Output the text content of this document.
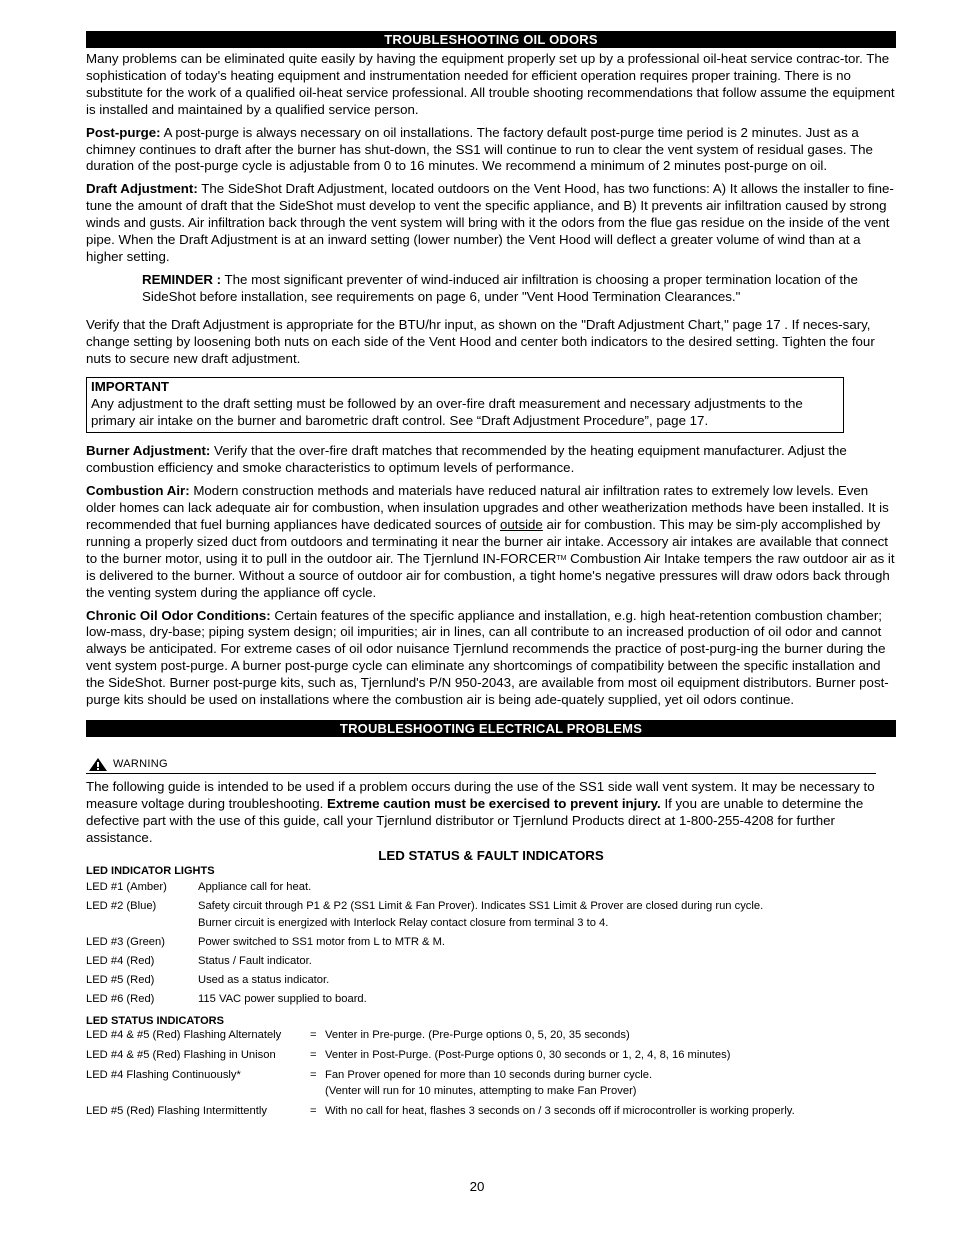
TROUBLESHOOTING OIL ODORS

Many problems can be eliminated quite easily by having the equipment properly set up by a professional oil-heat service contrac-tor. The sophistication of today's heating equipment and instrumentation needed for efficient operation requires proper training. There is no substitute for the work of a qualified oil-heat service professional. All trouble shooting recommendations that follow assume the equipment is installed and maintained by a qualified service person.

Post-purge: A post-purge is always necessary on oil installations. The factory default post-purge time period is 2 minutes. Just as a chimney continues to draft after the burner has shut-down, the SS1 will continue to run to clear the vent system of residual gases. The duration of the post-purge cycle is adjustable from 0 to 16 minutes. We recommend a minimum of 2 minutes post-purge on oil.

Draft Adjustment: The SideShot Draft Adjustment, located outdoors on the Vent Hood, has two functions: A) It allows the installer to fine-tune the amount of draft that the SideShot must develop to vent the specific appliance, and B) It prevents air infiltration caused by strong winds and gusts. Air infiltration back through the vent system will bring with it the odors from the flue gas residue on the inside of the vent pipe. When the Draft Adjustment is at an inward setting (lower number) the Vent Hood will deflect a greater volume of wind than at a higher setting.

REMINDER : The most significant preventer of wind-induced air infiltration is choosing a proper termination location of the SideShot before installation, see requirements on page 6, under "Vent Hood Termination Clearances."

Verify that the Draft Adjustment is appropriate for the BTU/hr input, as shown on the "Draft Adjustment Chart," page 17 . If neces-sary, change setting by loosening both nuts on each side of the Vent Hood and center both indicators to the desired setting. Tighten the four nuts to secure new draft adjustment.

IMPORTANT

Any adjustment to the draft setting must be followed by an over-fire draft measurement and necessary adjustments to the primary air intake on the burner and barometric draft control. See “Draft Adjustment Procedure”, page 17.

Burner Adjustment: Verify that the over-fire draft matches that recommended by the heating equipment manufacturer. Adjust the combustion efficiency and smoke characteristics to optimum levels of performance.

Combustion Air: Modern construction methods and materials have reduced natural air infiltration rates to extremely low levels. Even older homes can lack adequate air for combustion, when insulation upgrades and other weatherization methods have been installed. It is recommended that fuel burning appliances have dedicated sources of outside air for combustion. This may be sim-ply accomplished by running a properly sized duct from outdoors and terminating it near the burner air intake. Accessory air intakes are available that connect to the burner motor, using it to pull in the outdoor air. The Tjernlund IN-FORCER™ Combustion Air Intake tempers the raw outdoor air as it is delivered to the burner. Without a source of outdoor air for combustion, a tight home's negative pressures will draw odors back through the venting system during the appliance off cycle.

Chronic Oil Odor Conditions: Certain features of the specific appliance and installation, e.g. high heat-retention combustion chamber; low-mass, dry-base; piping system design; oil impurities; air in lines, can all contribute to an increased production of oil odor and cannot always be anticipated. For extreme cases of oil odor nuisance Tjernlund recommends the practice of post-purg-ing the burner during the vent system post-purge. A burner post-purge cycle can eliminate any shortcomings of compatibility between the specific installation and the SideShot. Burner post-purge kits, such as, Tjernlund's P/N 950-2043, are available from most oil equipment distributors. Burner post-purge kits should be used on installations where the combustion air is being ade-quately supplied, yet oil odors continue.

TROUBLESHOOTING ELECTRICAL PROBLEMS
WARNING

The following guide is intended to be used if a problem occurs during the use of the SS1 side wall vent system. It may be necessary to measure voltage during troubleshooting. Extreme caution must be exercised to prevent injury. If you are unable to determine the defective part with the use of this guide, call your Tjernlund distributor or Tjernlund Products direct at 1-800-255-4208 for further assistance.

LED STATUS & FAULT INDICATORS
LED INDICATOR LIGHTS
LED #1 (Amber)	Appliance call for heat.
LED #2 (Blue)	Safety circuit through P1 & P2 (SS1 Limit & Fan Prover). Indicates SS1 Limit & Prover are closed during run cycle.
Burner circuit is energized with Interlock Relay contact closure from terminal 3 to 4.
LED #3 (Green)	Power switched to SS1 motor from L to MTR & M.
LED #4 (Red)	Status / Fault indicator.
LED #5 (Red)	Used as a status indicator.
LED #6 (Red)	115 VAC power supplied to board.
LED STATUS INDICATORS
LED #4 & #5 (Red) Flashing Alternately	= Venter in Pre-purge. (Pre-Purge options 0, 5, 20, 35 seconds)
LED #4 & #5 (Red) Flashing in Unison	= Venter in Post-Purge. (Post-Purge options 0, 30 seconds or 1, 2, 4, 8, 16 minutes)
LED #4 Flashing Continuously*	= Fan Prover opened for more than 10 seconds during burner cycle.
(Venter will run for 10 minutes, attempting to make Fan Prover)
LED #5 (Red) Flashing Intermittently	= With no call for heat, flashes 3 seconds on / 3 seconds off if microcontroller is working properly.
20
